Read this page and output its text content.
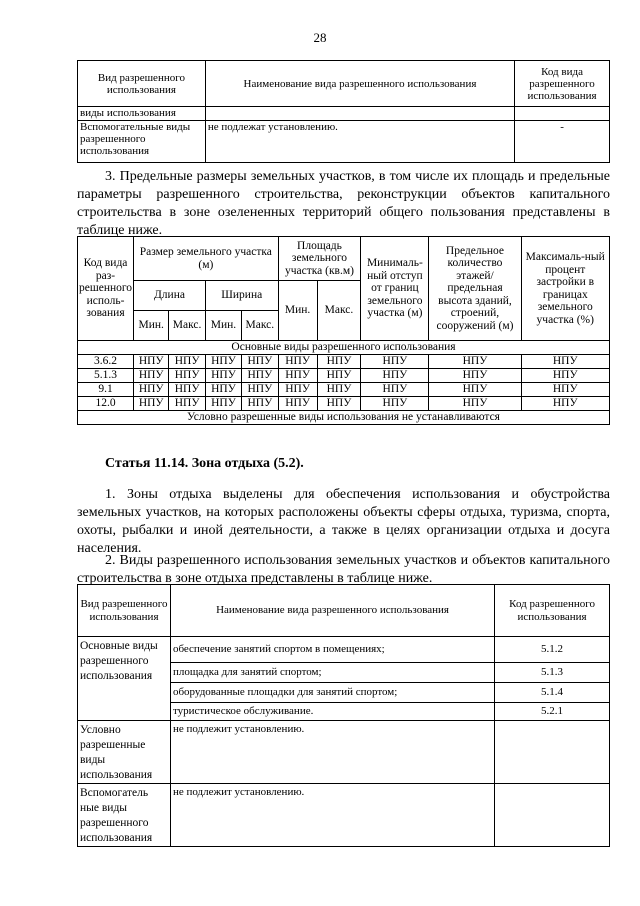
28
Вид разрешенного использования	Наименование вида разрешенного использования	Код вида разрешенного использования
виды использования		
Вспомогательные виды разрешенного использования	не подлежат установлению.	-
3. Предельные размеры земельных участков, в том числе их площадь и предельные параметры разрешенного строительства, реконструкции объектов капитального строительства в зоне озелененных территорий общего пользования представлены в таблице ниже.
Код вида раз-решенного исполь-зования	Размер земельного участка (м)				Площадь земельного участка (кв.м)		Минималь-ный отступ от границ земельного участка (м)	Предельное количество этажей/ предельная высота зданий, строений, сооружений (м)	Максималь-ный процент застройки в границах земельного участка (%)
	Длина		Ширина		Мин.	Макс.			
	Мин.	Макс.	Мин.	Макс.					
Основные виды разрешенного использования									
3.6.2	НПУ	НПУ	НПУ	НПУ	НПУ	НПУ	НПУ	НПУ	НПУ
5.1.3	НПУ	НПУ	НПУ	НПУ	НПУ	НПУ	НПУ	НПУ	НПУ
9.1	НПУ	НПУ	НПУ	НПУ	НПУ	НПУ	НПУ	НПУ	НПУ
12.0	НПУ	НПУ	НПУ	НПУ	НПУ	НПУ	НПУ	НПУ	НПУ
Условно разрешенные виды использования не устанавливаются									
Статья 11.14. Зона отдыха (5.2).
1. Зоны отдыха выделены для обеспечения использования и обустройства земельных участков, на которых расположены объекты сферы отдыха, туризма, спорта, охоты, рыбалки и иной деятельности, а также в целях организации отдыха и досуга населения.
2. Виды разрешенного использования земельных участков и объектов капитального строительства в зоне отдыха представлены в таблице ниже.
Вид разрешенного использования	Наименование вида разрешенного использования	Код разрешенного использования
Основные виды разрешенного использования	обеспечение занятий спортом в помещениях;	5.1.2
	площадка для занятий спортом;	5.1.3
	оборудованные площадки для занятий спортом;	5.1.4
	туристическое обслуживание.	5.2.1
Условно разрешенные виды использования	не подлежит установлению.	
Вспомогатель ные виды разрешенного использования	не подлежит установлению.	
